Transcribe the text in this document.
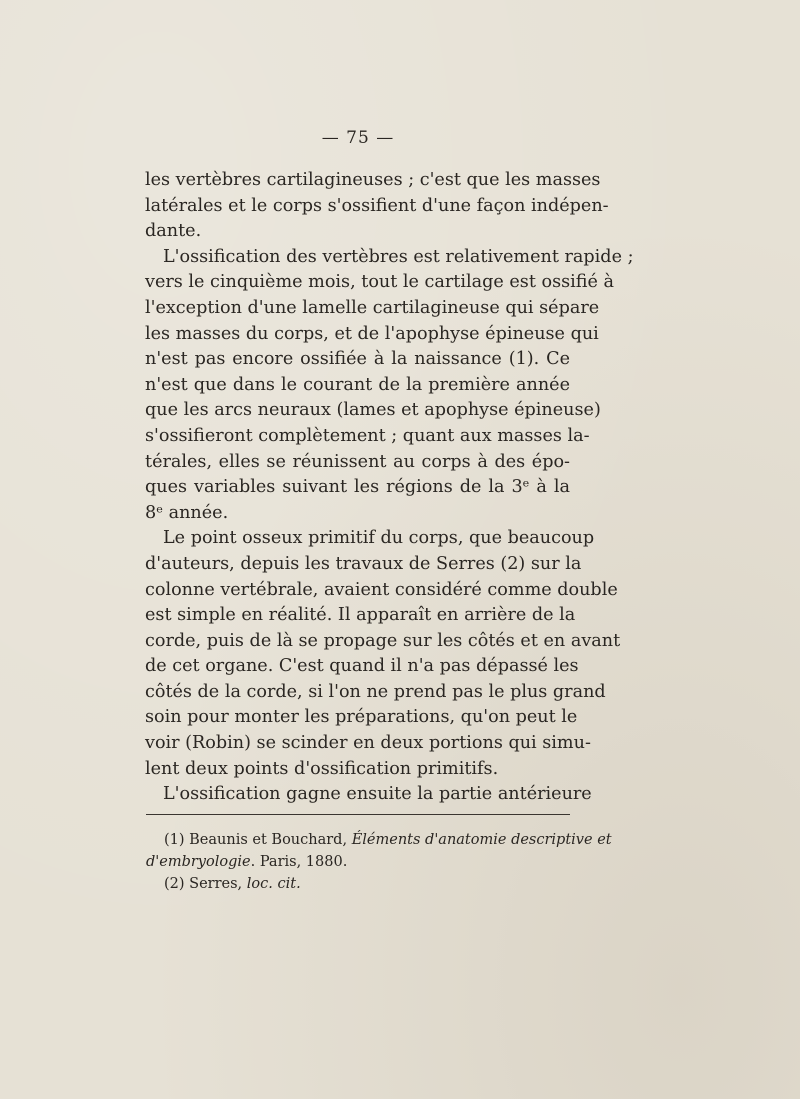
— 75 —
les vertèbres cartilagineuses ; c'est que les masses
latérales et le corps s'ossifient d'une façon indépen-
dante.
L'ossification des vertèbres est relativement rapide ;
vers le cinquième mois, tout le cartilage est ossifié à
l'exception d'une lamelle cartilagineuse qui sépare
les masses du corps, et de l'apophyse épineuse qui
n'est pas encore ossifiée à la naissance (1). Ce
n'est que dans le courant de la première année
que les arcs neuraux (lames et apophyse épineuse)
s'ossifieront complètement ; quant aux masses la-
térales, elles se réunissent au corps à des épo-
ques variables suivant les régions de la 3ᵉ à la
8ᵉ année.
Le point osseux primitif du corps, que beaucoup
d'auteurs, depuis les travaux de Serres (2) sur la
colonne vertébrale, avaient considéré comme double
est simple en réalité. Il apparaît en arrière de la
corde, puis de là se propage sur les côtés et en avant
de cet organe. C'est quand il n'a pas dépassé les
côtés de la corde, si l'on ne prend pas le plus grand
soin pour monter les préparations, qu'on peut le
voir (Robin) se scinder en deux portions qui simu-
lent deux points d'ossification primitifs.
L'ossification gagne ensuite la partie antérieure
(1) Beaunis et Bouchard, Éléments d'anatomie descriptive et
d'embryologie. Paris, 1880.
(2) Serres, loc. cit.
